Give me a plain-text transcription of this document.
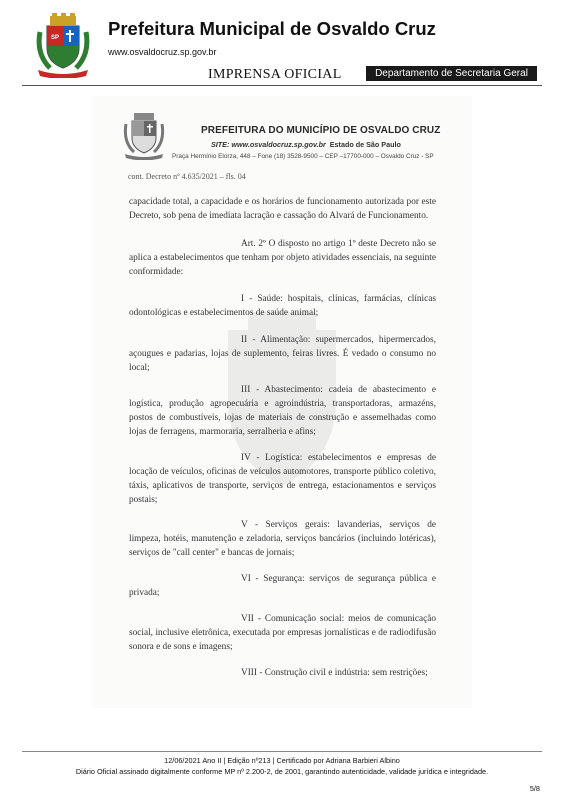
SP	Prefeitura Municipal de Osvaldo Cruz
www.osvaldocruz.sp.gov.br
IMPRENSA OFICIAL	Departamento de Secretaria Geral
PREFEITURA DO MUNICÍPIO DE OSVALDO CRUZ
SITE: www.osvaldocruz.sp.gov.br Estado de São Paulo
Praça Hermínio Elorza, 448 – Fone (18) 3528-9500 – CEP –17700-000 – Osvaldo Cruz - SP
cont. Decreto nº 4.635/2021 – fls. 04
capacidade total, a capacidade e os horários de funcionamento autorizada por este Decreto, sob pena de imediata lacração e cassação do Alvará de Funcionamento.
Art. 2º O disposto no artigo 1º deste Decreto não se aplica a estabelecimentos que tenham por objeto atividades essenciais, na seguinte conformidade:
I - Saúde: hospitais, clínicas, farmácias, clínicas odontológicas e estabelecimentos de saúde animal;
II - Alimentação: supermercados, hipermercados, açougues e padarias, lojas de suplemento, feiras livres. É vedado o consumo no local;
III - Abastecimento: cadeia de abastecimento e logística, produção agropecuária e agroindústria, transportadoras, armazéns, postos de combustíveis, lojas de materiais de construção e assemelhadas como lojas de ferragens, marmoraria, serralheria e afins;
IV - Logística: estabelecimentos e empresas de locação de veículos, oficinas de veículos automotores, transporte público coletivo, táxis, aplicativos de transporte, serviços de entrega, estacionamentos e serviços postais;
V - Serviços gerais: lavanderias, serviços de limpeza, hotéis, manutenção e zeladoria, serviços bancários (incluindo lotéricas), serviços de "call center" e bancas de jornais;
VI - Segurança: serviços de segurança pública e privada;
VII - Comunicação social: meios de comunicação social, inclusive eletrônica, executada por empresas jornalísticas e de radiodifusão sonora e de sons e imagens;
VIII - Construção civil e indústria: sem restrições;
12/06/2021 Ano II | Edição nº213 | Certificado por Adriana Barbieri Albino
Diário Oficial assinado digitalmente conforme MP nº 2.200-2, de 2001, garantindo autenticidade, validade jurídica e integridade.
5/8
